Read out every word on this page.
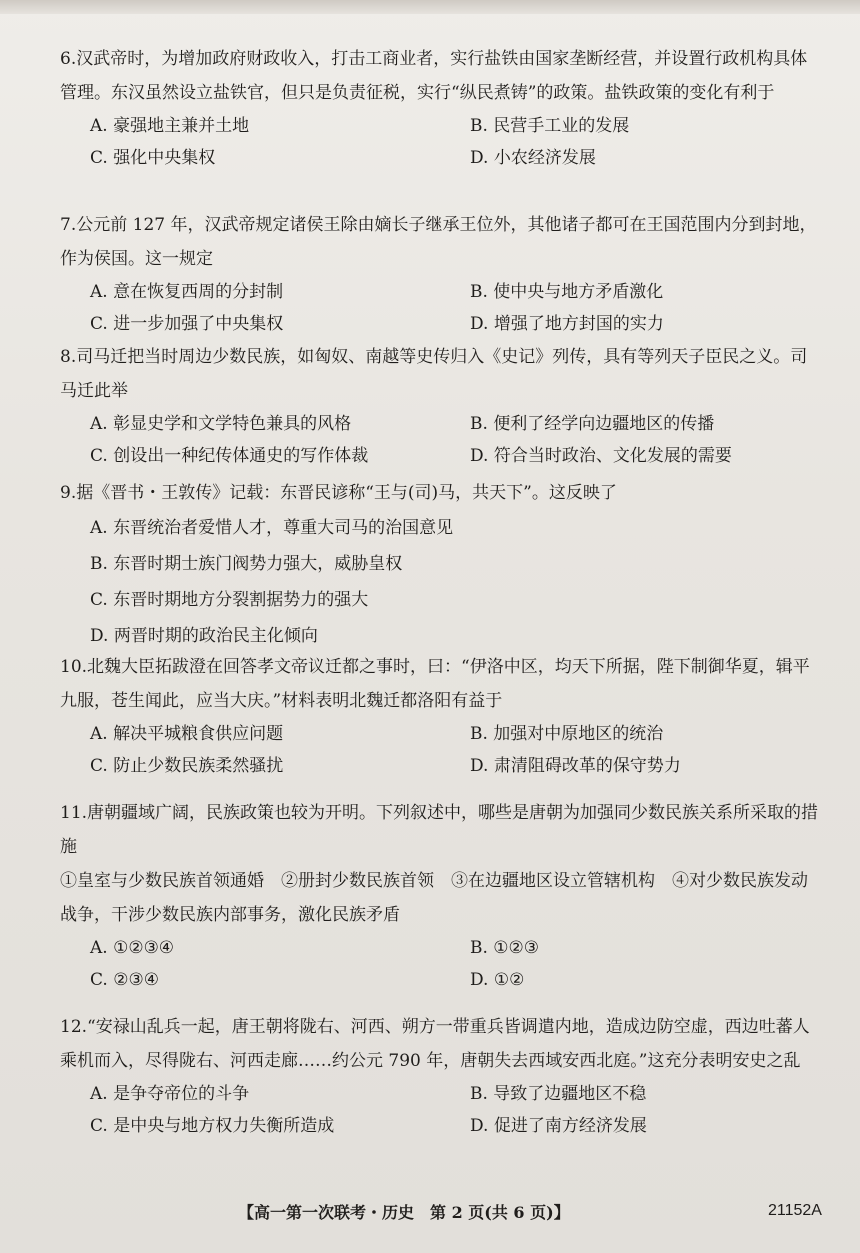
6.汉武帝时，为增加政府财政收入，打击工商业者，实行盐铁由国家垄断经营，并设置行政机构具体管理。东汉虽然设立盐铁官，但只是负责征税，实行“纵民煮铸”的政策。盐铁政策的变化有利于

A. 豪强地主兼并土地	B. 民营手工业的发展
C. 强化中央集权	D. 小农经济发展

7.公元前 127 年，汉武帝规定诸侯王除由嫡长子继承王位外，其他诸子都可在王国范围内分到封地，作为侯国。这一规定

A. 意在恢复西周的分封制	B. 使中央与地方矛盾激化
C. 进一步加强了中央集权	D. 增强了地方封国的实力

8.司马迁把当时周边少数民族，如匈奴、南越等史传归入《史记》列传，具有等列天子臣民之义。司马迁此举

A. 彰显史学和文学特色兼具的风格	B. 便利了经学向边疆地区的传播
C. 创设出一种纪传体通史的写作体裁	D. 符合当时政治、文化发展的需要

9.据《晋书・王敦传》记载：东晋民谚称“王与(司)马，共天下”。这反映了

A. 东晋统治者爱惜人才，尊重大司马的治国意见
B. 东晋时期士族门阀势力强大，威胁皇权
C. 东晋时期地方分裂割据势力的强大
D. 两晋时期的政治民主化倾向

10.北魏大臣拓跋澄在回答孝文帝议迁都之事时，曰：“伊洛中区，均天下所据，陛下制御华夏，辑平九服，苍生闻此，应当大庆。”材料表明北魏迁都洛阳有益于

A. 解决平城粮食供应问题	B. 加强对中原地区的统治
C. 防止少数民族柔然骚扰	D. 肃清阻碍改革的保守势力

11.唐朝疆域广阔，民族政策也较为开明。下列叙述中，哪些是唐朝为加强同少数民族关系所采取的措施

①皇室与少数民族首领通婚　②册封少数民族首领　③在边疆地区设立管辖机构　④对少数民族发动战争，干涉少数民族内部事务，激化民族矛盾

A. ①②③④	B. ①②③
C. ②③④	D. ①②

12.“安禄山乱兵一起，唐王朝将陇右、河西、朔方一带重兵皆调遣内地，造成边防空虚，西边吐蕃人乘机而入，尽得陇右、河西走廊……约公元 790 年，唐朝失去西域安西北庭。”这充分表明安史之乱

A. 是争夺帝位的斗争	B. 导致了边疆地区不稳
C. 是中央与地方权力失衡所造成	D. 促进了南方经济发展
【高一第一次联考・历史　第 2 页(共 6 页)】	21152A
